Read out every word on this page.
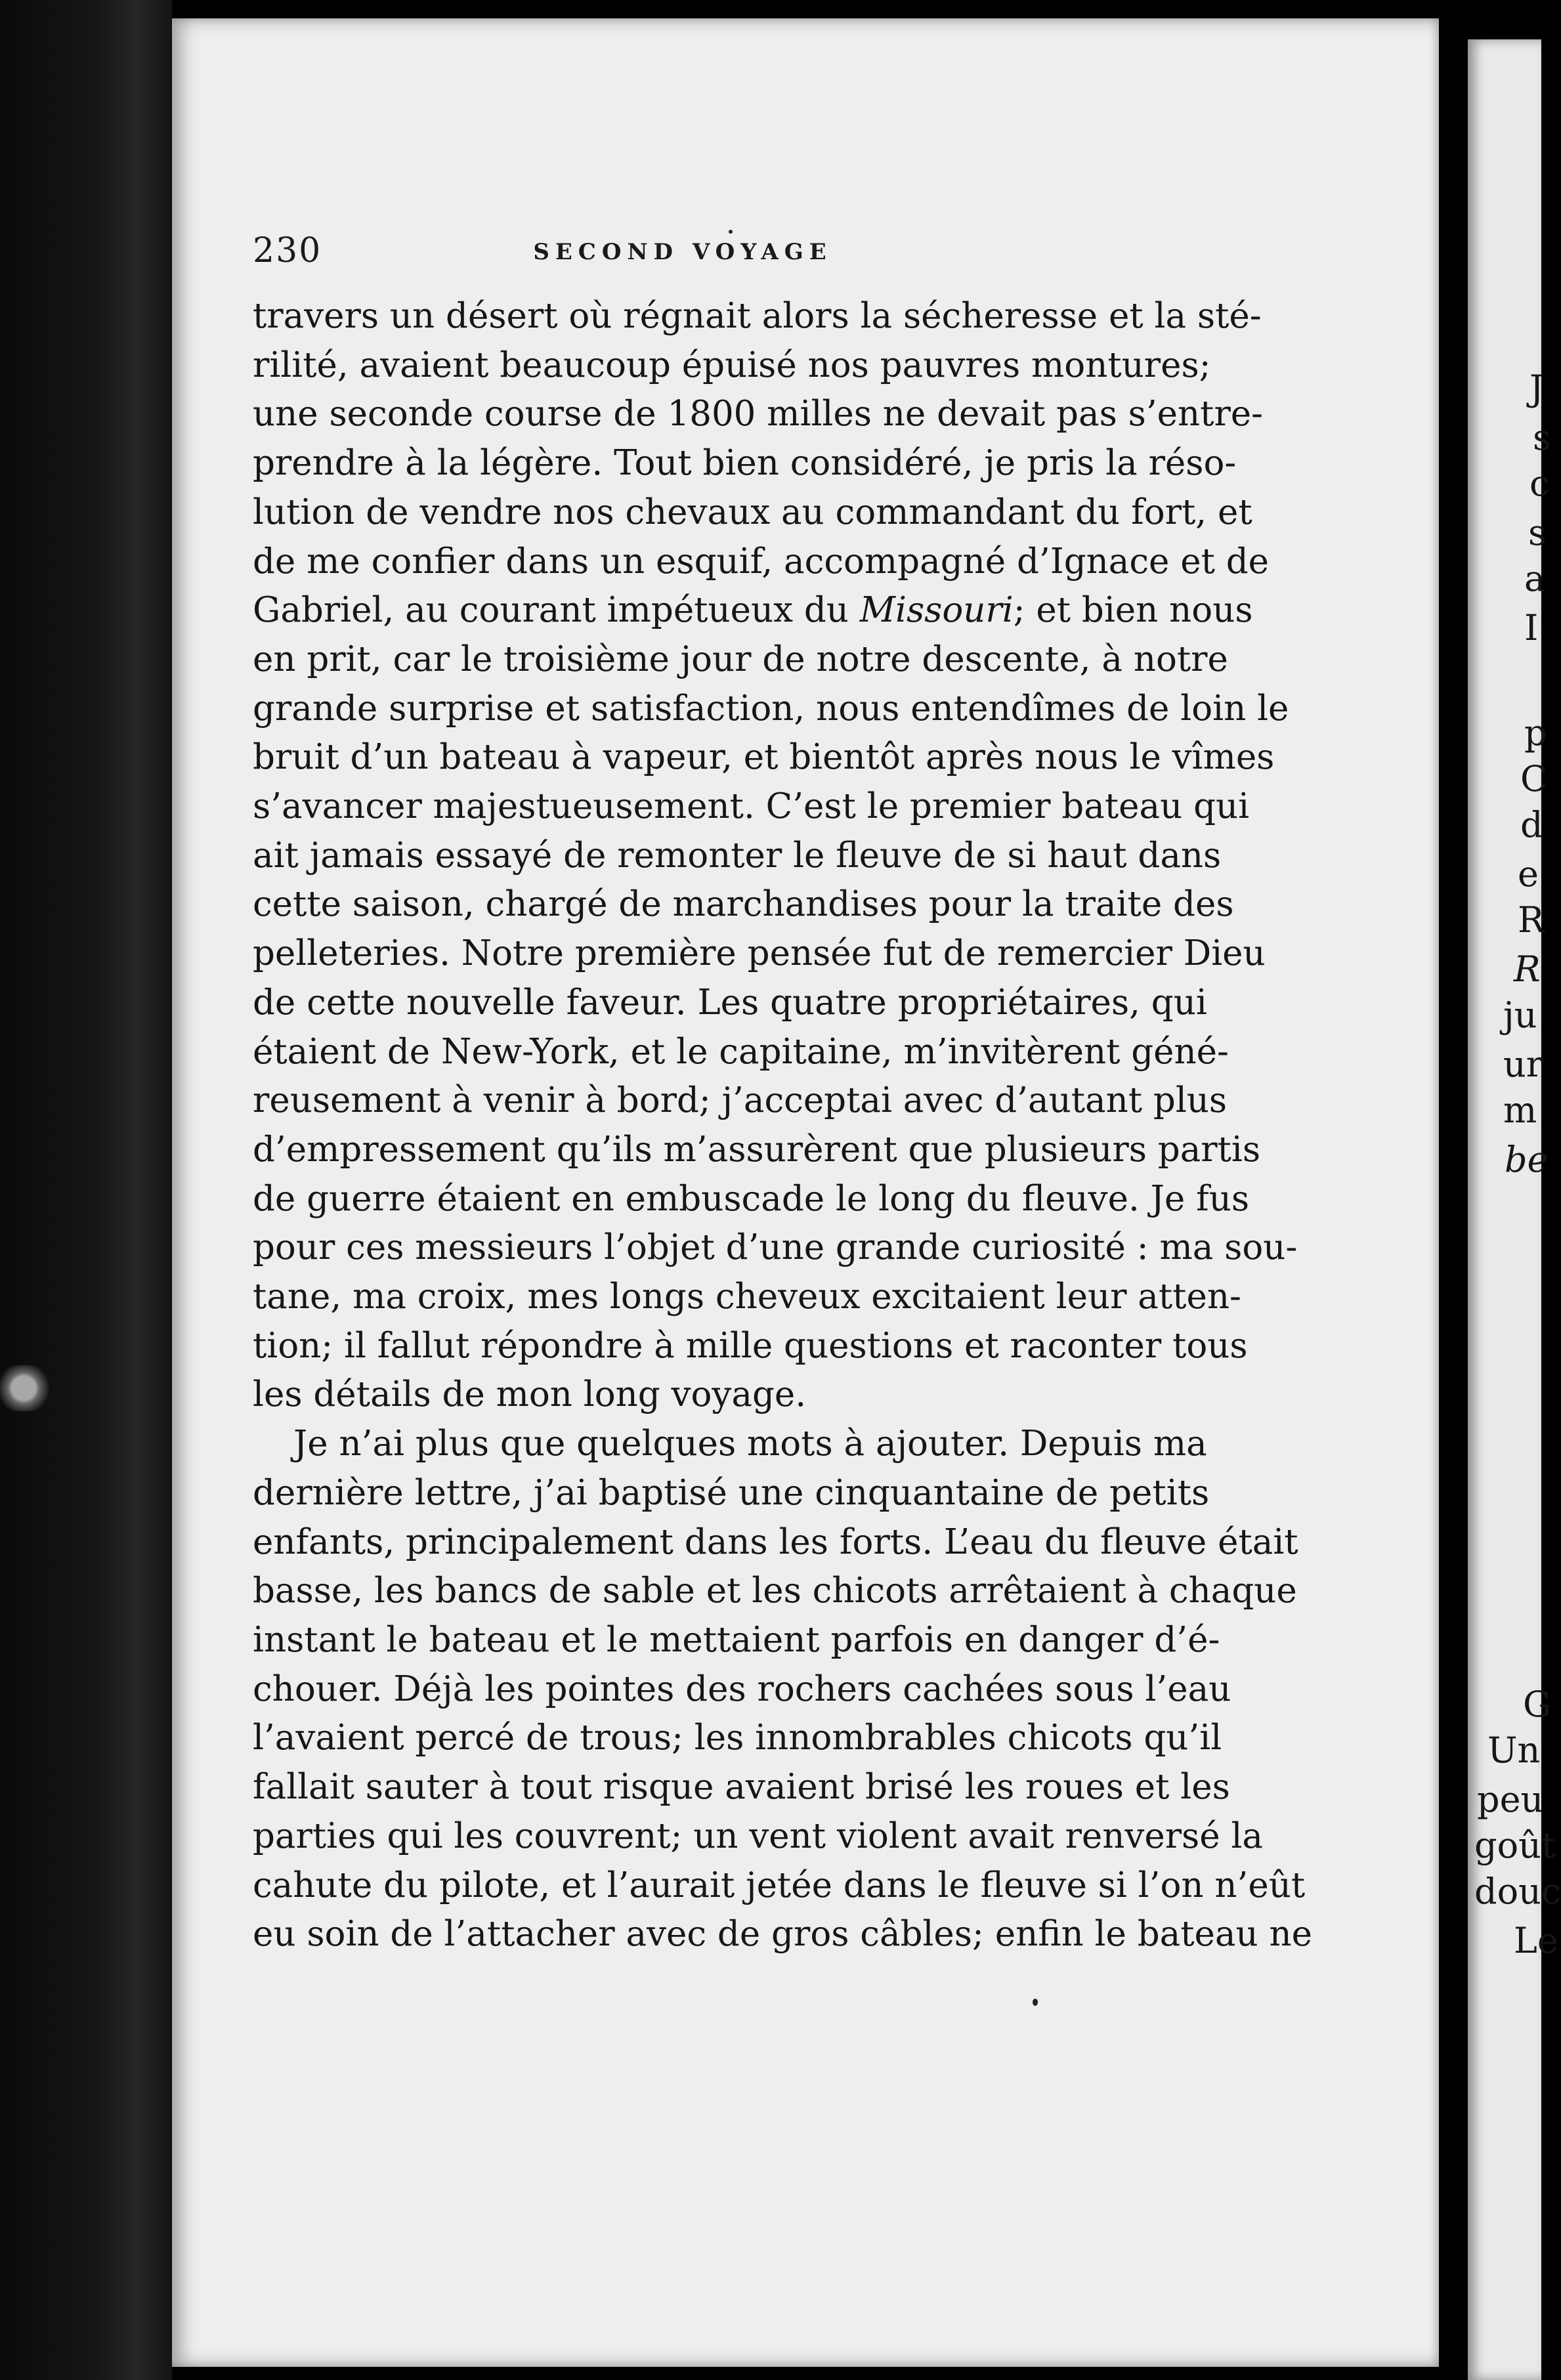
230	SECOND VOYAGE
travers un désert où régnait alors la sécheresse et la sté-
rilité, avaient beaucoup épuisé nos pauvres montures;
une seconde course de 1800 milles ne devait pas s’entre-
prendre à la légère. Tout bien considéré, je pris la réso-
lution de vendre nos chevaux au commandant du fort, et
de me confier dans un esquif, accompagné d’Ignace et de
Gabriel, au courant impétueux du Missouri; et bien nous
en prit, car le troisième jour de notre descente, à notre
grande surprise et satisfaction, nous entendîmes de loin le
bruit d’un bateau à vapeur, et bientôt après nous le vîmes
s’avancer majestueusement. C’est le premier bateau qui
ait jamais essayé de remonter le fleuve de si haut dans
cette saison, chargé de marchandises pour la traite des
pelleteries. Notre première pensée fut de remercier Dieu
de cette nouvelle faveur. Les quatre propriétaires, qui
étaient de New-York, et le capitaine, m’invitèrent géné-
reusement à venir à bord; j’acceptai avec d’autant plus
d’empressement qu’ils m’assurèrent que plusieurs partis
de guerre étaient en embuscade le long du fleuve. Je fus
pour ces messieurs l’objet d’une grande curiosité : ma sou-
tane, ma croix, mes longs cheveux excitaient leur atten-
tion; il fallut répondre à mille questions et raconter tous
les détails de mon long voyage.
Je n’ai plus que quelques mots à ajouter. Depuis ma
dernière lettre, j’ai baptisé une cinquantaine de petits
enfants, principalement dans les forts. L’eau du fleuve était
basse, les bancs de sable et les chicots arrêtaient à chaque
instant le bateau et le mettaient parfois en danger d’é-
chouer. Déjà les pointes des rochers cachées sous l’eau
l’avaient percé de trous; les innombrables chicots qu’il
fallait sauter à tout risque avaient brisé les roues et les
parties qui les couvrent; un vent violent avait renversé la
cahute du pilote, et l’aurait jetée dans le fleuve si l’on n’eût
eu soin de l’attacher avec de gros câbles; enfin le bateau ne
J
s
c
s
a
I
p
C
d
e
R
R
ju
ur
m
be
G
Un
peu
goût
douc
Le
